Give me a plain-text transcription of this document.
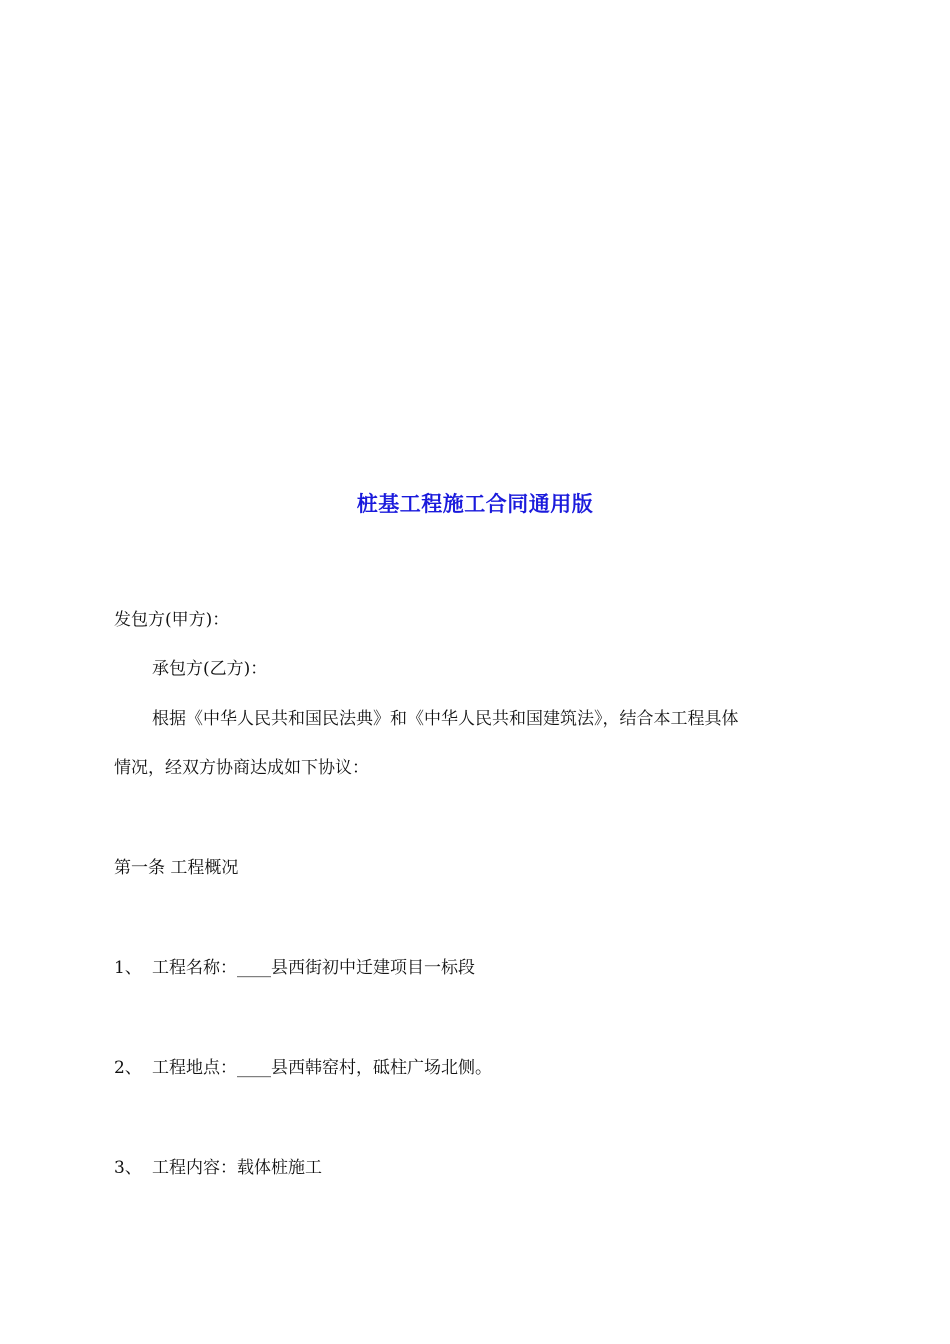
桩基工程施工合同通用版
发包方(甲方)：
承包方(乙方)：
根据《中华人民共和国民法典》和《中华人民共和国建筑法》，结合本工程具体
情况，经双方协商达成如下协议：
第一条 工程概况
1、 工程名称：____县西街初中迁建项目一标段
2、 工程地点：____县西韩窑村，砥柱广场北侧。
3、 工程内容：载体桩施工
